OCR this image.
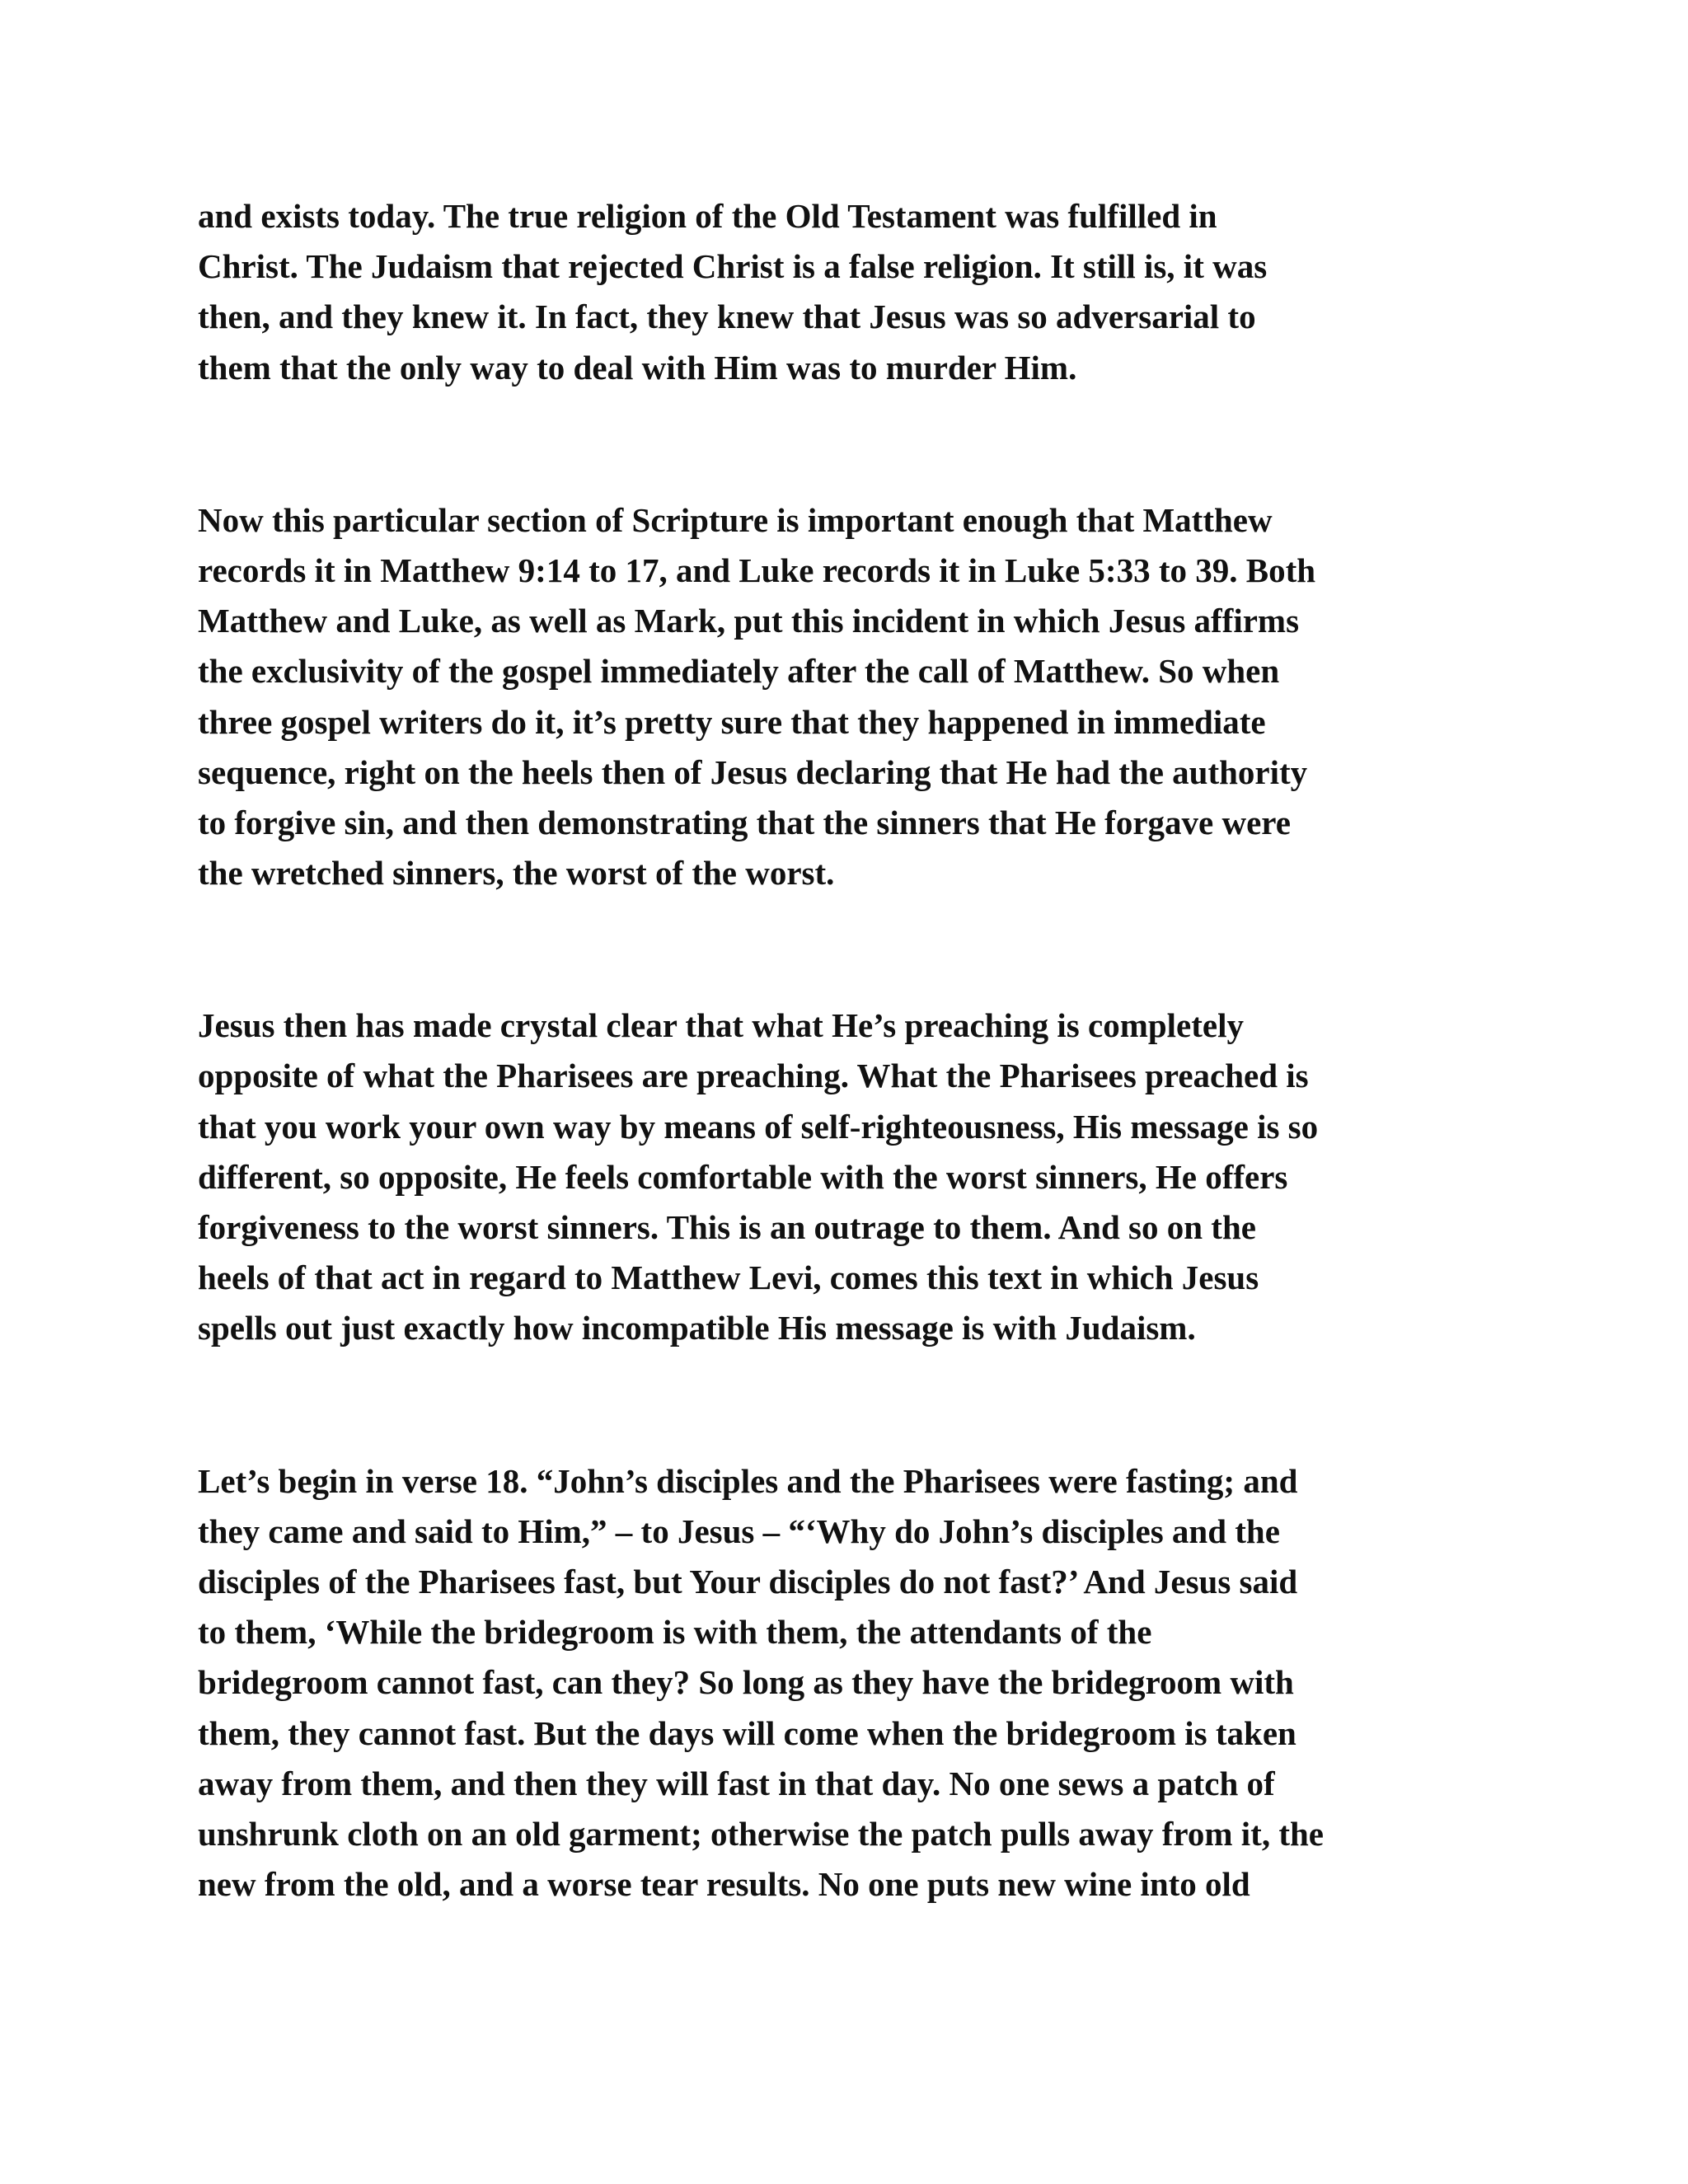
and exists today. The true religion of the Old Testament was fulfilled in
Christ. The Judaism that rejected Christ is a false religion. It still is, it was
then, and they knew it. In fact, they knew that Jesus was so adversarial to
them that the only way to deal with Him was to murder Him.
Now this particular section of Scripture is important enough that Matthew
records it in Matthew 9:14 to 17, and Luke records it in Luke 5:33 to 39. Both
Matthew and Luke, as well as Mark, put this incident in which Jesus affirms
the exclusivity of the gospel immediately after the call of Matthew. So when
three gospel writers do it, it’s pretty sure that they happened in immediate
sequence, right on the heels then of Jesus declaring that He had the authority
to forgive sin, and then demonstrating that the sinners that He forgave were
the wretched sinners, the worst of the worst.
Jesus then has made crystal clear that what He’s preaching is completely
opposite of what the Pharisees are preaching. What the Pharisees preached is
that you work your own way by means of self-righteousness, His message is so
different, so opposite, He feels comfortable with the worst sinners, He offers
forgiveness to the worst sinners. This is an outrage to them. And so on the
heels of that act in regard to Matthew Levi, comes this text in which Jesus
spells out just exactly how incompatible His message is with Judaism.
Let’s begin in verse 18. “John’s disciples and the Pharisees were fasting; and
they came and said to Him,” – to Jesus – “‘Why do John’s disciples and the
disciples of the Pharisees fast, but Your disciples do not fast?’ And Jesus said
to them, ‘While the bridegroom is with them, the attendants of the
bridegroom cannot fast, can they? So long as they have the bridegroom with
them, they cannot fast. But the days will come when the bridegroom is taken
away from them, and then they will fast in that day. No one sews a patch of
unshrunk cloth on an old garment; otherwise the patch pulls away from it, the
new from the old, and a worse tear results. No one puts new wine into old
